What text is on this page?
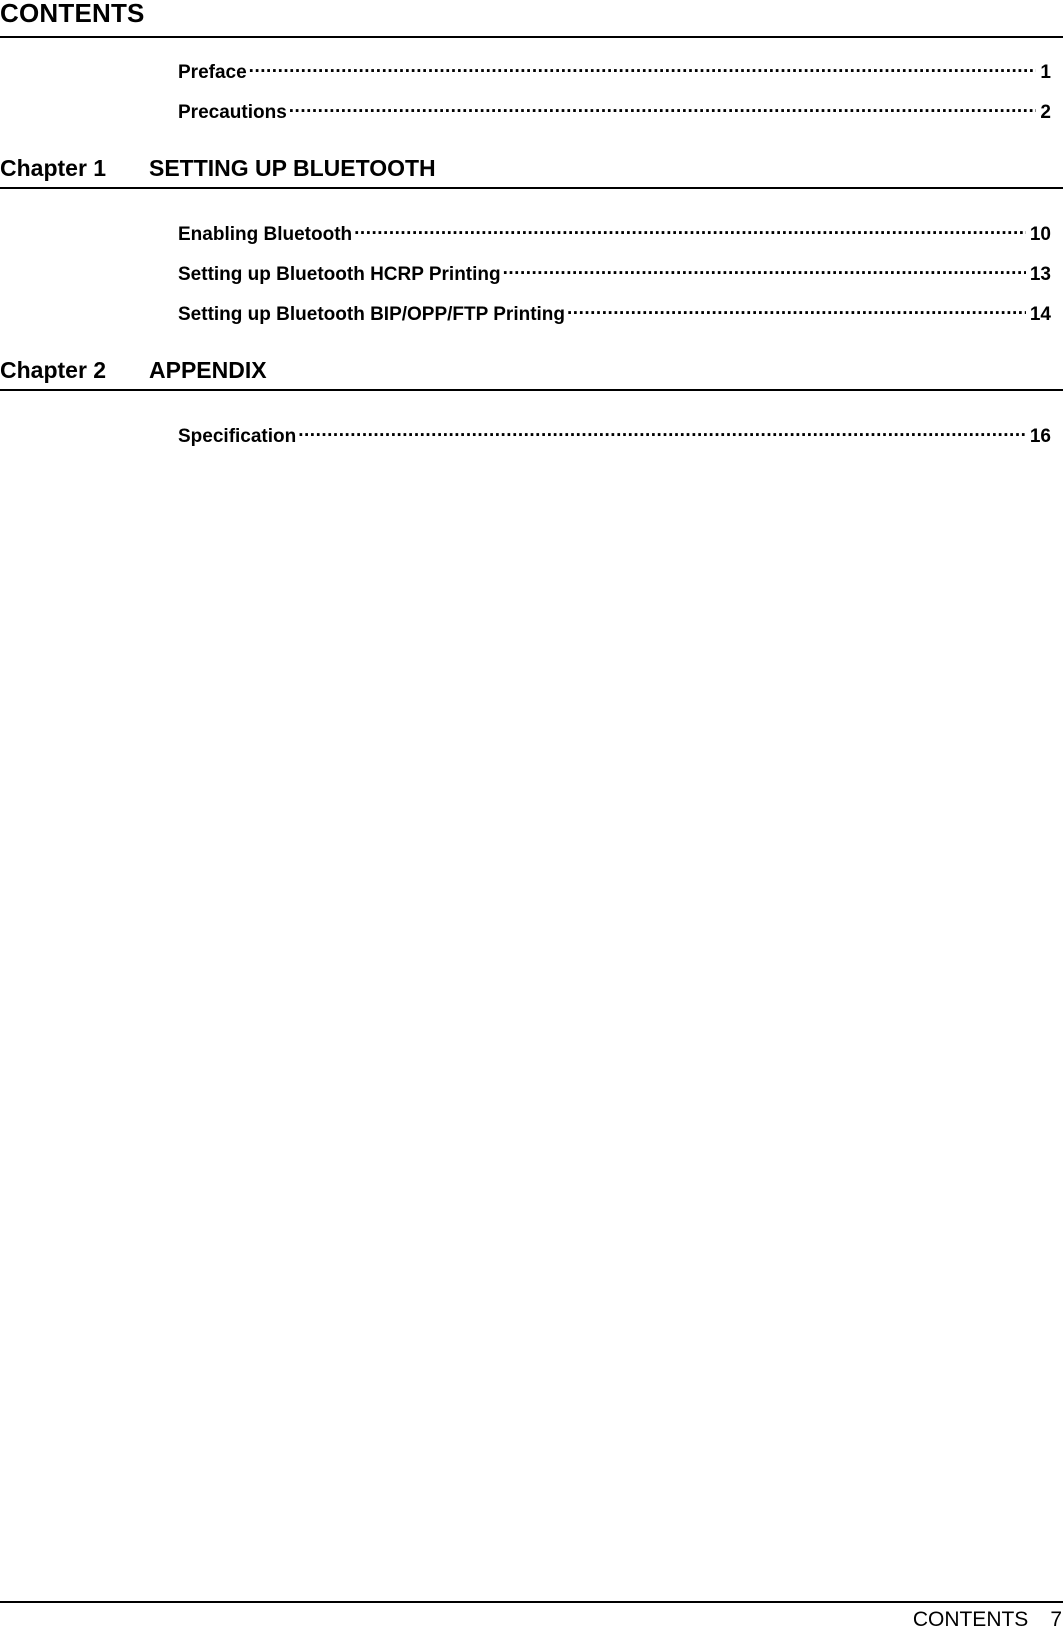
CONTENTS
Preface .....	1
Precautions .....	2
Chapter 1 SETTING UP BLUETOOTH
Enabling Bluetooth .....	10
Setting up Bluetooth HCRP Printing .....	13
Setting up Bluetooth BIP/OPP/FTP Printing .....	14
Chapter 2 APPENDIX
Specification .....	16
CONTENTS 7
